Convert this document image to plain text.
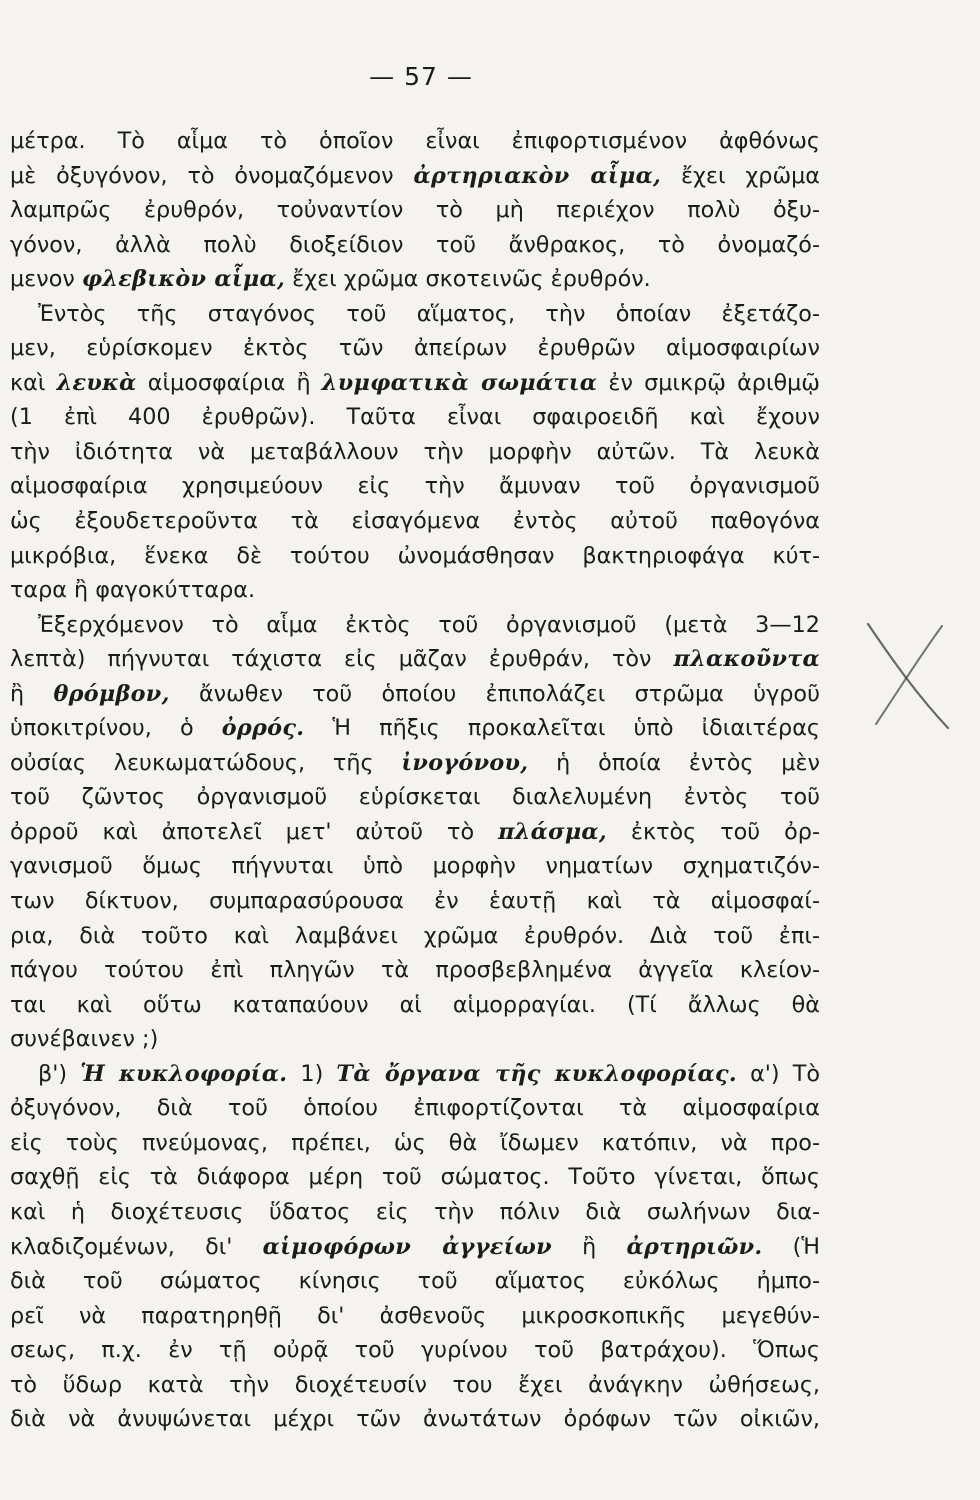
— 57 —
μέτρα. Τὸ αἷμα τὸ ὁποῖον εἶναι ἐπιφορτισμένον ἀφθόνως
μὲ ὀξυγόνον, τὸ ὀνομαζόμενον ἀρτηριακὸν αἷμα, ἔχει χρῶμα
λαμπρῶς ἐρυθρόν, τοὐναντίον τὸ μὴ περιέχον πολὺ ὀξυ-
γόνον, ἀλλὰ πολὺ διοξείδιον τοῦ ἄνθρακος, τὸ ὀνομαζό-
μενον φλεβικὸν αἷμα, ἔχει χρῶμα σκοτεινῶς ἐρυθρόν.
Ἐντὸς τῆς σταγόνος τοῦ αἵματος, τὴν ὁποίαν ἐξετάζο-
μεν, εὑρίσκομεν ἐκτὸς τῶν ἀπείρων ἐρυθρῶν αἱμοσφαιρίων
καὶ λευκὰ αἱμοσφαίρια ἢ λυμφατικὰ σωμάτια ἐν σμικρῷ ἀριθμῷ
(1 ἐπὶ 400 ἐρυθρῶν). Ταῦτα εἶναι σφαιροειδῆ καὶ ἔχουν
τὴν ἰδιότητα νὰ μεταβάλλουν τὴν μορφὴν αὐτῶν. Τὰ λευκὰ
αἱμοσφαίρια χρησιμεύουν εἰς τὴν ἄμυναν τοῦ ὀργανισμοῦ
ὡς ἐξουδετεροῦντα τὰ εἰσαγόμενα ἐντὸς αὐτοῦ παθογόνα
μικρόβια, ἕνεκα δὲ τούτου ὠνομάσθησαν βακτηριοφάγα κύτ-
ταρα ἢ φαγοκύτταρα.
Ἐξερχόμενον τὸ αἷμα ἐκτὸς τοῦ ὀργανισμοῦ (μετὰ 3—12
λεπτὰ) πήγνυται τάχιστα εἰς μᾶζαν ἐρυθράν, τὸν πλακοῦντα
ἢ θρόμβον, ἄνωθεν τοῦ ὁποίου ἐπιπολάζει στρῶμα ὑγροῦ
ὑποκιτρίνου, ὁ ὀρρός. Ἡ πῆξις προκαλεῖται ὑπὸ ἰδιαιτέρας
οὐσίας λευκωματώδους, τῆς ἰνογόνου, ἡ ὁποία ἐντὸς μὲν
τοῦ ζῶντος ὀργανισμοῦ εὑρίσκεται διαλελυμένη ἐντὸς τοῦ
ὀρροῦ καὶ ἀποτελεῖ μετ' αὐτοῦ τὸ πλάσμα, ἐκτὸς τοῦ ὀρ-
γανισμοῦ ὅμως πήγνυται ὑπὸ μορφὴν νηματίων σχηματιζόν-
των δίκτυον, συμπαρασύρουσα ἐν ἑαυτῇ καὶ τὰ αἱμοσφαί-
ρια, διὰ τοῦτο καὶ λαμβάνει χρῶμα ἐρυθρόν. Διὰ τοῦ ἐπι-
πάγου τούτου ἐπὶ πληγῶν τὰ προσβεβλημένα ἀγγεῖα κλείον-
ται καὶ οὕτω καταπαύουν αἱ αἱμορραγίαι. (Τί ἄλλως θὰ
συνέβαινεν ;)
β') Ἡ κυκλοφορία. 1) Τὰ ὄργανα τῆς κυκλοφορίας. α') Τὸ
ὀξυγόνον, διὰ τοῦ ὁποίου ἐπιφορτίζονται τὰ αἱμοσφαίρια
εἰς τοὺς πνεύμονας, πρέπει, ὡς θὰ ἴδωμεν κατόπιν, νὰ προ-
σαχθῇ εἰς τὰ διάφορα μέρη τοῦ σώματος. Τοῦτο γίνεται, ὅπως
καὶ ἡ διοχέτευσις ὕδατος εἰς τὴν πόλιν διὰ σωλήνων δια-
κλαδιζομένων, δι' αἱμοφόρων ἀγγείων ἢ ἀρτηριῶν. (Ἡ
διὰ τοῦ σώματος κίνησις τοῦ αἵματος εὐκόλως ἠμπο-
ρεῖ νὰ παρατηρηθῇ δι' ἀσθενοῦς μικροσκοπικῆς μεγεθύν-
σεως, π.χ. ἐν τῇ οὐρᾷ τοῦ γυρίνου τοῦ βατράχου). Ὅπως
τὸ ὕδωρ κατὰ τὴν διοχέτευσίν του ἔχει ἀνάγκην ὠθήσεως,
διὰ νὰ ἀνυψώνεται μέχρι τῶν ἀνωτάτων ὀρόφων τῶν οἰκιῶν,
